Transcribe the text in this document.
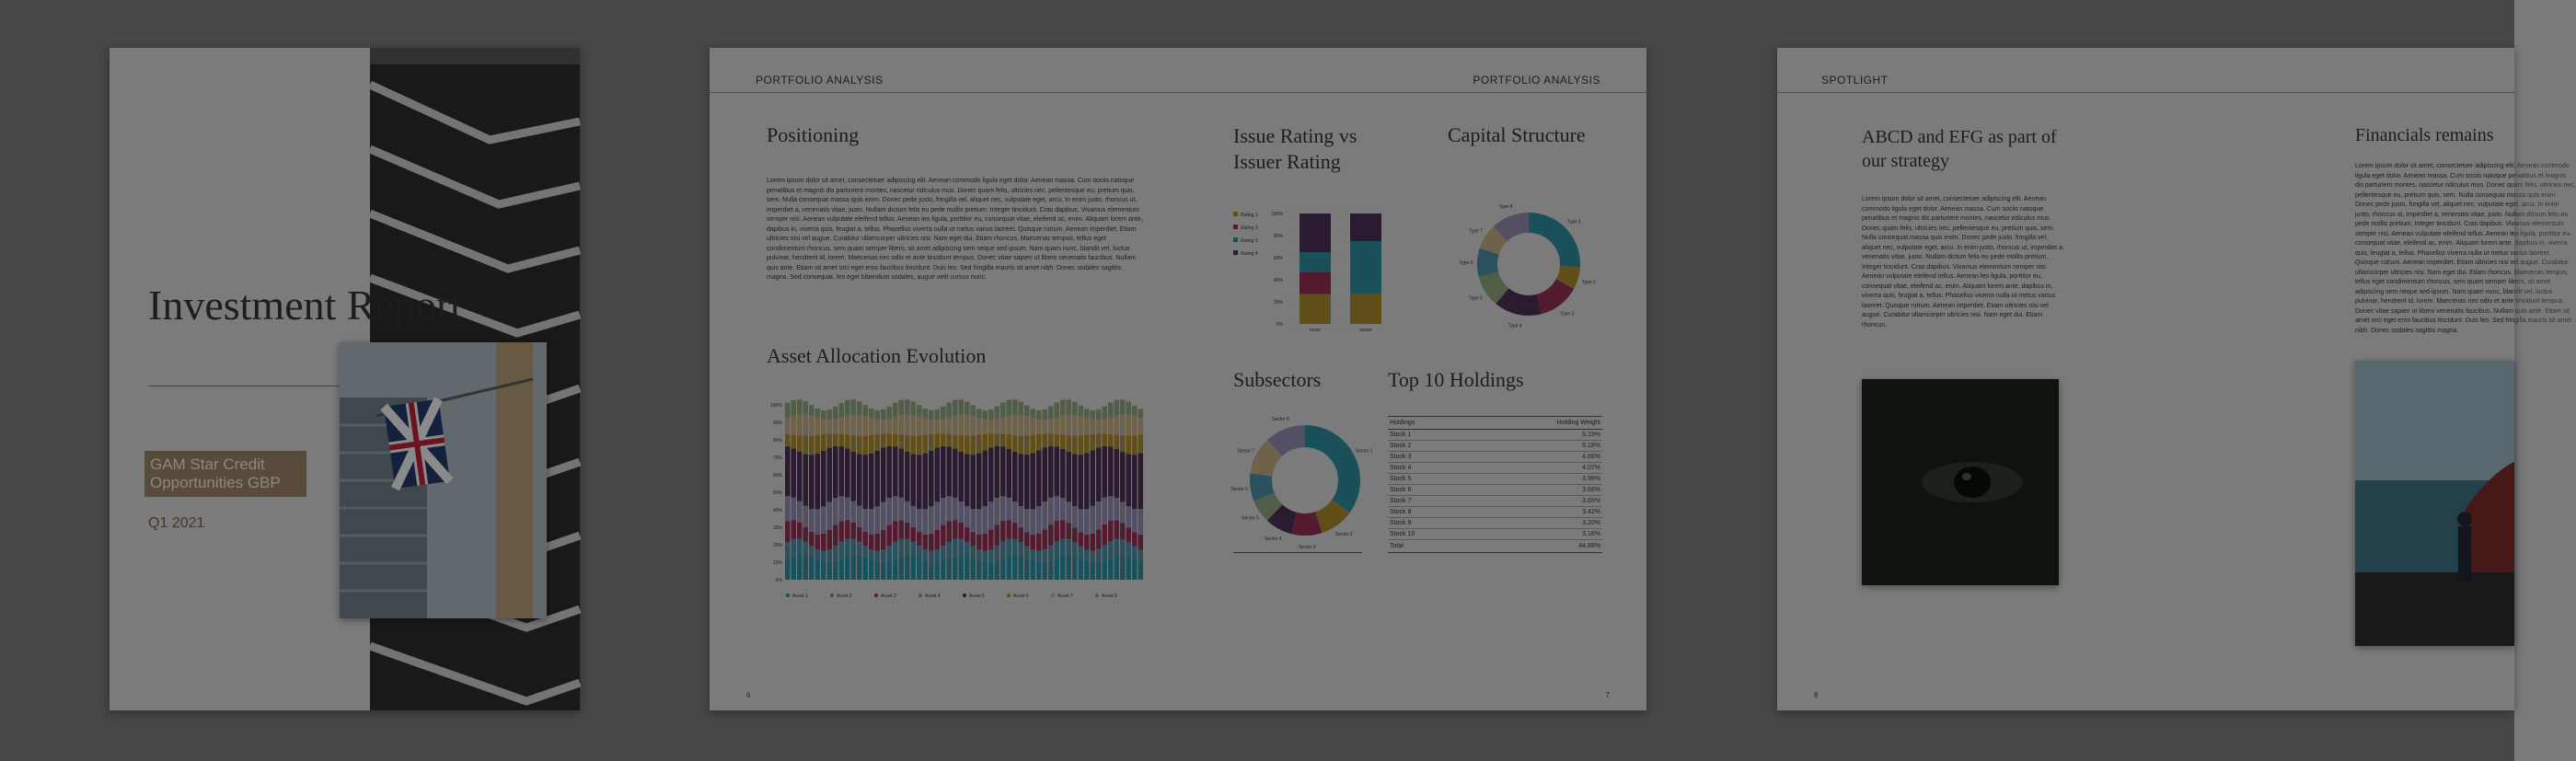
Investment Report
GAM Star Credit Opportunities GBP
Q1 2021
PORTFOLIO ANALYSIS	PORTFOLIO ANALYSIS
Positioning
Lorem ipsum dolor sit amet, consectetuer adipiscing elit. Aenean commodo ligula eget dolor. Aenean massa. Cum sociis natoque penatibus et magnis dis parturient montes, nascetur ridiculus mus. Donec quam felis, ultricies nec, pellentesque eu, pretium quis, sem. Nulla consequat massa quis enim. Donec pede justo, fringilla vel, aliquet nec, vulputate eget, arcu. In enim justo, rhoncus ut, imperdiet a, venenatis vitae, justo. Nullam dictum felis eu pede mollis pretium. Integer tincidunt. Cras dapibus. Vivamus elementum semper nisi. Aenean vulputate eleifend tellus. Aenean leo ligula, porttitor eu, consequat vitae, eleifend ac, enim. Aliquam lorem ante, dapibus in, viverra quis, feugiat a, tellus. Phasellus viverra nulla ut metus varius laoreet. Quisque rutrum. Aenean imperdiet. Etiam ultricies nisi vel augue. Curabitur ullamcorper ultricies nisi. Nam eget dui. Etiam rhoncus. Maecenas tempus, tellus eget condimentum rhoncus, sem quam semper libero, sit amet adipiscing sem neque sed ipsum. Nam quam nunc, blandit vel, luctus pulvinar, hendrerit id, lorem. Maecenas nec odio et ante tincidunt tempus. Donec vitae sapien ut libero venenatis faucibus. Nullam quis ante. Etiam sit amet orci eget eros faucibus tincidunt. Duis leo. Sed fringilla mauris sit amet nibh. Donec sodales sagittis magna. Sed consequat, leo eget bibendum sodales, augue velit cursus nunc.
Asset Allocation Evolution
0%
10%
20%
30%
40%
50%
60%
70%
80%
90%
100%
Asset 1	Asset 2	Asset 3	Asset 4	Asset 5	Asset 6	Asset 7	Asset 8
Issue Rating vs Issuer Rating
0%
20%
40%
60%
80%
100%
Issue	Issuer
Rating 1
Rating 2
Rating 3
Rating 4
Capital Structure
Type 1
Type 2
Type 3
Type 4
Type 5
Type 6
Type 7
Type 8
Subsectors
Sector 1
Sector 2
Sector 3
Sector 4
Sector 5
Sector 6
Sector 7
Sector 8
Top 10 Holdings
Holdings	Holding Weight
Stock 1	5.19%
Stock 2	5.18%
Stock 3	4.66%
Stock 4	4.07%
Stock 5	3.99%
Stock 6	3.68%
Stock 7	3.65%
Stock 8	3.42%
Stock 9	3.20%
Stock 10	3.16%
Total	44.88%
6	7
SPOTLIGHT
ABCD and EFG as part of our strategy
Lorem ipsum dolor sit amet, consectetuer adipiscing elit. Aenean commodo ligula eget dolor. Aenean massa. Cum sociis natoque penatibus et magnis dis parturient montes, nascetur ridiculus mus. Donec quam felis, ultricies nec, pellentesque eu, pretium quis, sem. Nulla consequat massa quis enim. Donec pede justo, fringilla vel, aliquet nec, vulputate eget, arcu. In enim justo, rhoncus ut, imperdiet a, venenatis vitae, justo. Nullam dictum felis eu pede mollis pretium. Integer tincidunt. Cras dapibus. Vivamus elementum semper nisi. Aenean vulputate eleifend tellus. Aenean leo ligula, porttitor eu, consequat vitae, eleifend ac, enim. Aliquam lorem ante, dapibus in, viverra quis, feugiat a, tellus. Phasellus viverra nulla ut metus varius laoreet. Quisque rutrum. Aenean imperdiet. Etiam ultricies nisi vel augue. Curabitur ullamcorper ultricies nisi. Nam eget dui. Etiam rhoncus.
Financials remains
Lorem ipsum dolor sit amet, consectetuer adipiscing elit. Aenean commodo ligula eget dolor. Aenean massa. Cum sociis natoque penatibus et magnis dis parturient montes, nascetur ridiculus mus. Donec quam felis, ultricies nec, pellentesque eu, pretium quis, sem. Nulla consequat massa quis enim. Donec pede justo, fringilla vel, aliquet nec, vulputate eget, arcu. In enim justo, rhoncus ut, imperdiet a, venenatis vitae, justo. Nullam dictum felis eu pede mollis pretium. Integer tincidunt. Cras dapibus. Vivamus elementum semper nisi. Aenean vulputate eleifend tellus. Aenean leo ligula, porttitor eu, consequat vitae, eleifend ac, enim. Aliquam lorem ante, dapibus in, viverra quis, feugiat a, tellus. Phasellus viverra nulla ut metus varius laoreet. Quisque rutrum. Aenean imperdiet. Etiam ultricies nisi vel augue. Curabitur ullamcorper ultricies nisi. Nam eget dui. Etiam rhoncus. Maecenas tempus, tellus eget condimentum rhoncus, sem quam semper libero, sit amet adipiscing sem neque sed ipsum. Nam quam nunc, blandit vel, luctus pulvinar, hendrerit id, lorem. Maecenas nec odio et ante tincidunt tempus. Donec vitae sapien ut libero venenatis faucibus. Nullam quis ante. Etiam sit amet orci eget eros faucibus tincidunt. Duis leo. Sed fringilla mauris sit amet nibh. Donec sodales sagittis magna.
8
